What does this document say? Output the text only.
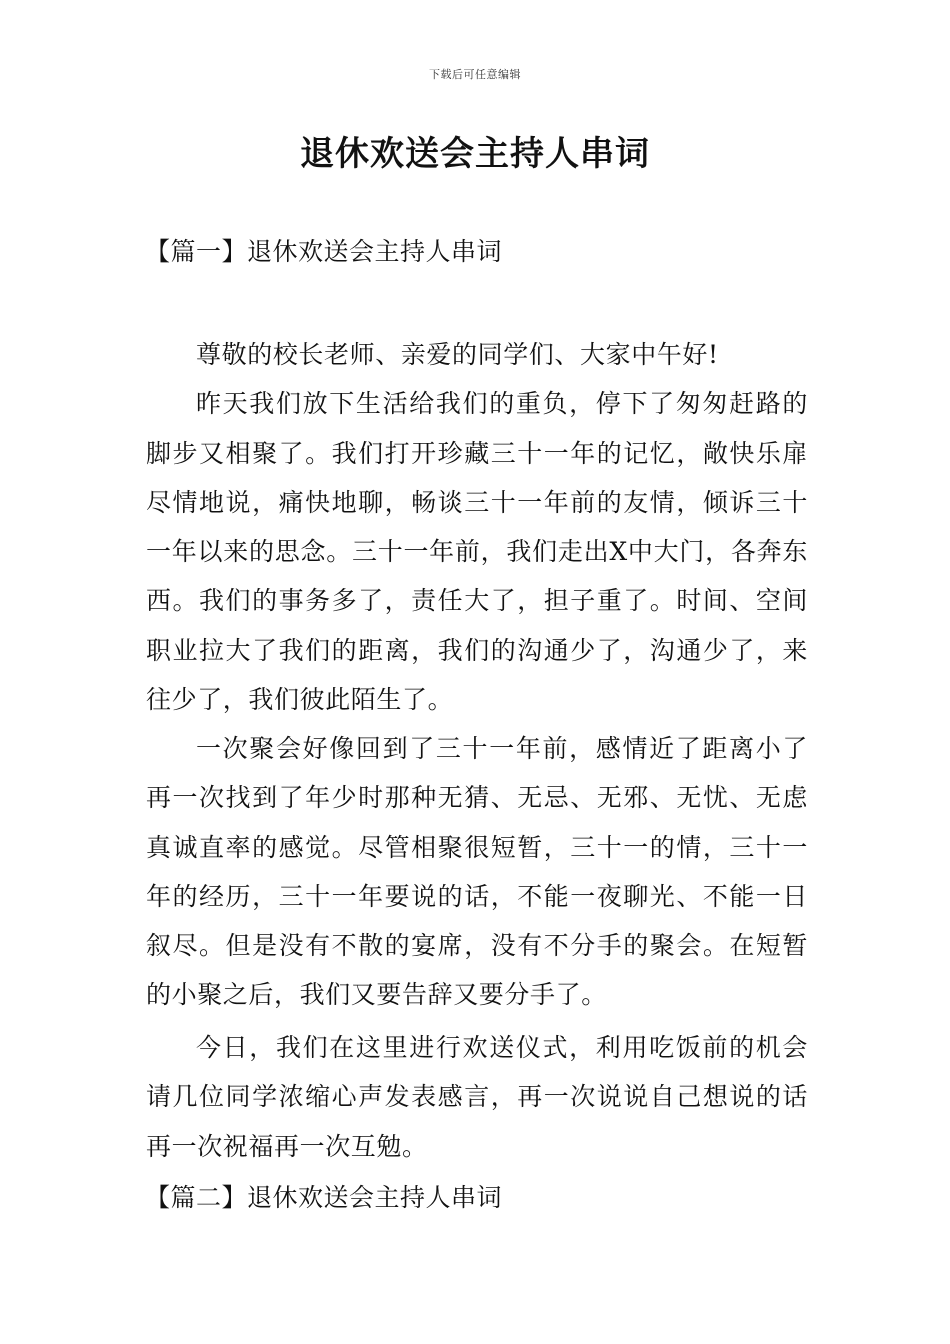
下载后可任意编辑
退休欢送会主持人串词
【篇一】退休欢送会主持人串词

尊敬的校长老师、亲爱的同学们、大家中午好!

昨天我们放下生活给我们的重负，停下了匆匆赶路的脚步又相聚了。我们打开珍藏三十一年的记忆，敞快乐扉尽情地说，痛快地聊，畅谈三十一年前的友情，倾诉三十一年以来的思念。三十一年前，我们走出X中大门，各奔东西。我们的事务多了，责任大了，担子重了。时间、空间职业拉大了我们的距离，我们的沟通少了，沟通少了，来往少了，我们彼此陌生了。

一次聚会好像回到了三十一年前，感情近了距离小了再一次找到了年少时那种无猜、无忌、无邪、无忧、无虑真诚直率的感觉。尽管相聚很短暂，三十一的情，三十一年的经历，三十一年要说的话，不能一夜聊光、不能一日叙尽。但是没有不散的宴席，没有不分手的聚会。在短暂的小聚之后，我们又要告辞又要分手了。

今日，我们在这里进行欢送仪式，利用吃饭前的机会请几位同学浓缩心声发表感言，再一次说说自己想说的话再一次祝福再一次互勉。

【篇二】退休欢送会主持人串词
